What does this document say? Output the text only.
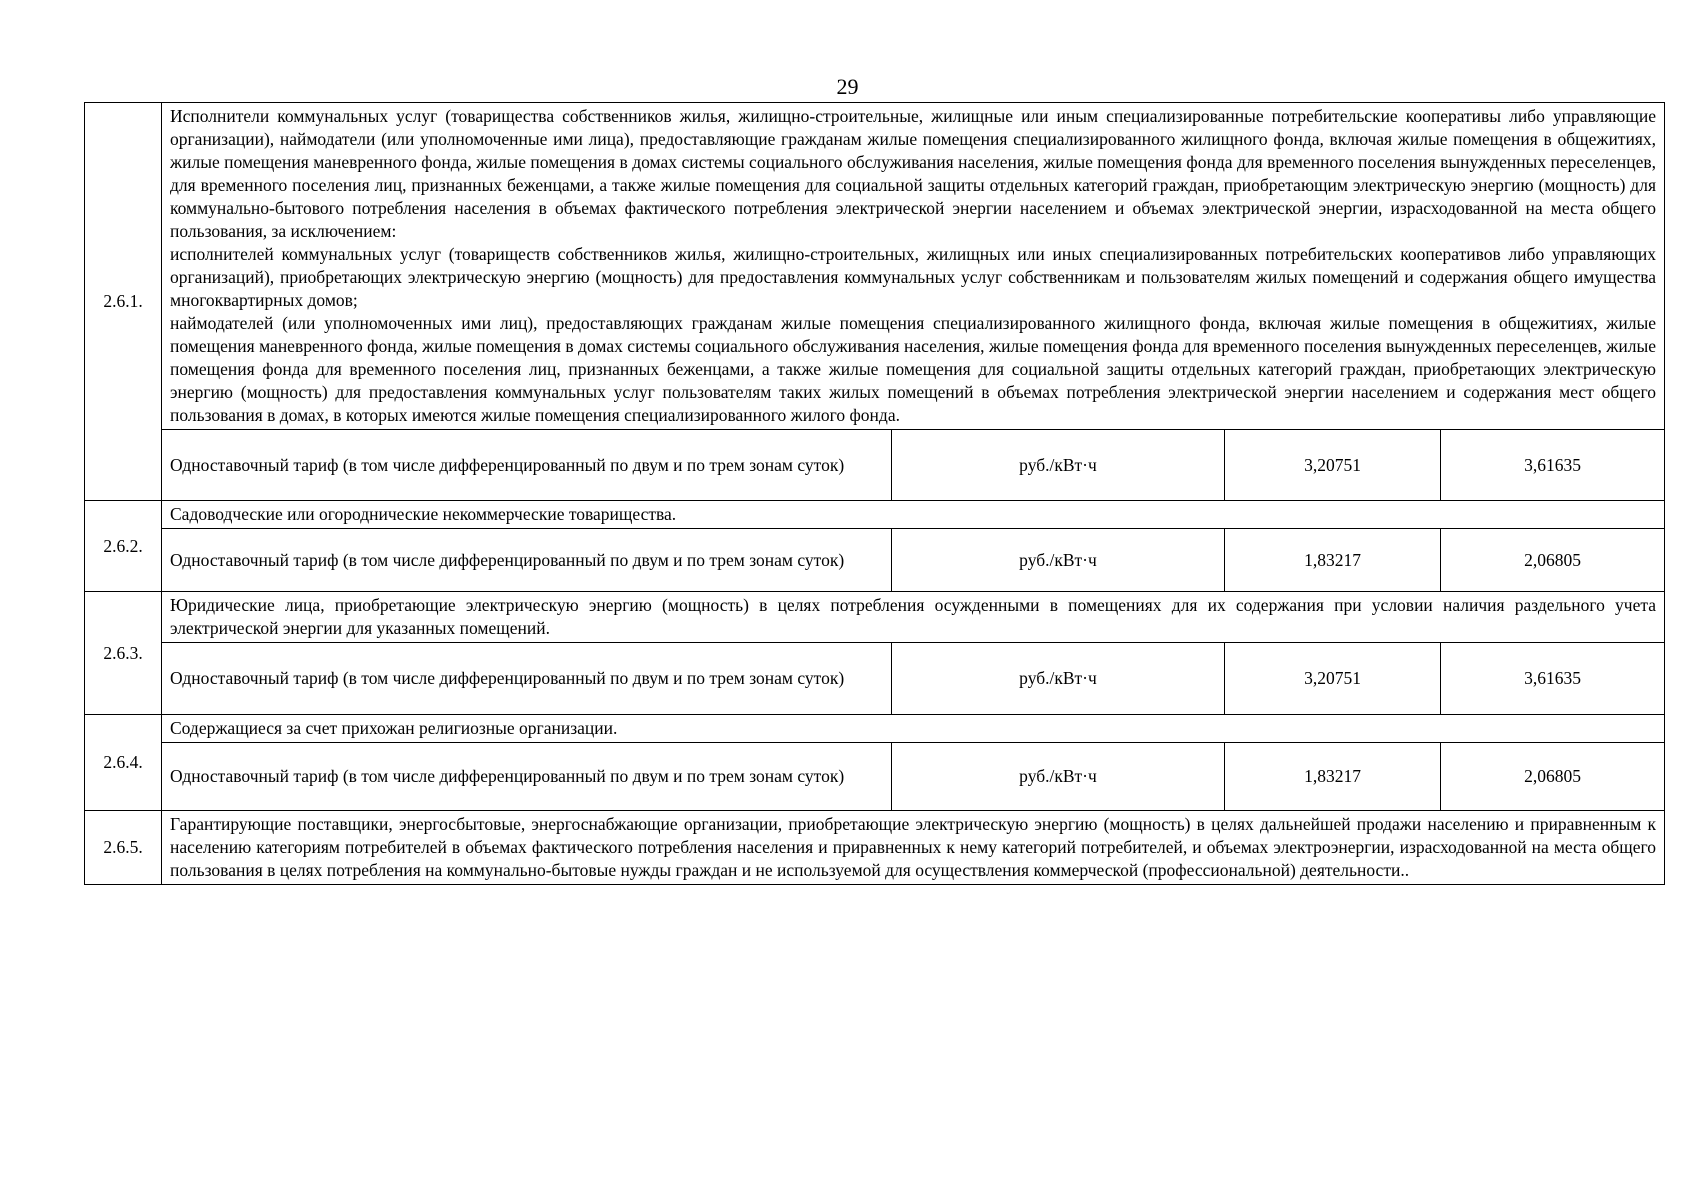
29
2.6.1.	Исполнители коммунальных услуг (товарищества собственников жилья, жилищно-строительные, жилищные или иным специализированные потребительские кооперативы либо управляющие организации), наймодатели (или уполномоченные ими лица), предоставляющие гражданам жилые помещения специализированного жилищного фонда, включая жилые помещения в общежитиях, жилые помещения маневренного фонда, жилые помещения в домах системы социального обслуживания населения, жилые помещения фонда для временного поселения вынужденных переселенцев, для временного поселения лиц, признанных беженцами, а также жилые помещения для социальной защиты отдельных категорий граждан, приобретающим электрическую энергию (мощность) для коммунально-бытового потребления населения в объемах фактического потребления электрической энергии населением и объемах электрической энергии, израсходованной на места общего пользования, за исключением:
исполнителей коммунальных услуг (товариществ собственников жилья, жилищно-строительных, жилищных или иных специализированных потребительских кооперативов либо управляющих организаций), приобретающих электрическую энергию (мощность) для предоставления коммунальных услуг собственникам и пользователям жилых помещений и содержания общего имущества многоквартирных домов;
наймодателей (или уполномоченных ими лиц), предоставляющих гражданам жилые помещения специализированного жилищного фонда, включая жилые помещения в общежитиях, жилые помещения маневренного фонда, жилые помещения в домах системы социального обслуживания населения, жилые помещения фонда для временного поселения вынужденных переселенцев, жилые помещения фонда для временного поселения лиц, признанных беженцами, а также жилые помещения для социальной защиты отдельных категорий граждан, приобретающих электрическую энергию (мощность) для предоставления коммунальных услуг пользователям таких жилых помещений в объемах потребления электрической энергии населением и содержания мест общего пользования в домах, в которых имеются жилые помещения специализированного жилого фонда.			

	Одноставочный тариф (в том числе дифференцированный по двум и по трем зонам суток)	руб./кВт·ч	3,20751	3,61635
2.6.2.	Садоводческие или огороднические некоммерческие товарищества.			
	Одноставочный тариф (в том числе дифференцированный по двум и по трем зонам суток)	руб./кВт·ч	1,83217	2,06805
2.6.3.	Юридические лица, приобретающие электрическую энергию (мощность) в целях потребления осужденными в помещениях для их содержания при условии наличия раздельного учета электрической энергии для указанных помещений.			
	Одноставочный тариф (в том числе дифференцированный по двум и по трем зонам суток)	руб./кВт·ч	3,20751	3,61635
2.6.4.	Содержащиеся за счет прихожан религиозные организации.			
	Одноставочный тариф (в том числе дифференцированный по двум и по трем зонам суток)	руб./кВт·ч	1,83217	2,06805
2.6.5.	Гарантирующие поставщики, энергосбытовые, энергоснабжающие организации, приобретающие электрическую энергию (мощность) в целях дальнейшей продажи населению и приравненным к населению категориям потребителей в объемах фактического потребления населения и приравненных к нему категорий потребителей, и объемах электроэнергии, израсходованной на места общего пользования в целях потребления на коммунально-бытовые нужды граждан и не используемой для осуществления коммерческой (профессиональной) деятельности..			
